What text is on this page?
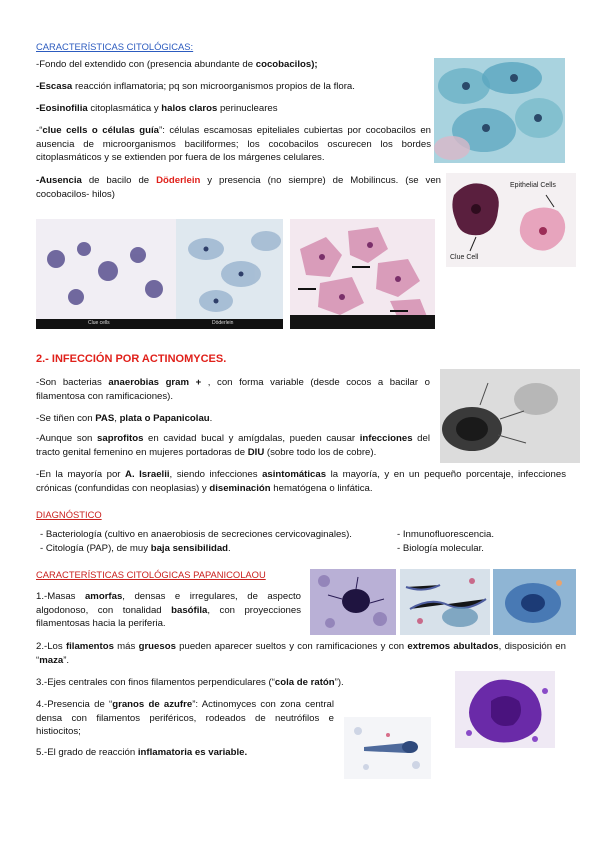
CARACTERÍSTICAS CITOLÓGICAS:

-Fondo del extendido con (presencia abundante de cocobacilos);

-Escasa reacción inflamatoria; pq son microorganismos propios de la flora.

-Eosinofilia citoplasmática y halos claros perinucleares

-“clue cells o células guía”: células escamosas epiteliales cubiertas por cocobacilos en ausencia de microorganismos baciliformes; los cocobacilos oscurecen los bordes citoplasmáticos y se extienden por fuera de los márgenes celulares.

-Ausencia de bacilo de Döderlein y presencia (no siempre) de Mobilincus. (se ven cocobacilos- hilos)

Epithelial Cells
Clue Cell
Clue cells	Döderlein
2.- INFECCIÓN POR ACTINOMYCES.

-Son bacterias anaerobias gram + , con forma variable (desde cocos a bacilar o filamentosa con ramificaciones).

-Se tiñen con PAS, plata o Papanicolau.

-Aunque son saprofitos en cavidad bucal y amígdalas, pueden causar infecciones del tracto genital femenino en mujeres portadoras de DIU (sobre todo los de cobre).

-En la mayoría por A. Israelii, siendo infecciones asintomáticas la mayoría, y en un pequeño porcentaje, infecciones crónicas (confundidas con neoplasias) y diseminación hematógena o linfática.

DIAGNÓSTICO

- Bacteriología (cultivo en anaerobiosis de secreciones cervicovaginales).

- Citología (PAP), de muy baja sensibilidad.

- Inmunofluorescencia.

- Biología molecular.

CARACTERÍSTICAS CITOLÓGICAS PAPANICOLAOU

1.-Masas amorfas, densas e irregulares, de aspecto algodonoso, con tonalidad basófila, con proyecciones filamentosas hacia la periferia.

2.-Los filamentos más gruesos pueden aparecer sueltos y con ramificaciones y con extremos abultados, disposición en “maza”.

3.-Ejes centrales con finos filamentos perpendiculares (“cola de ratón”).

4.-Presencia de “granos de azufre”: Actinomyces con zona central densa con filamentos periféricos, rodeados de neutrófilos e histiocitos;

5.-El grado de reacción inflamatoria es variable.
